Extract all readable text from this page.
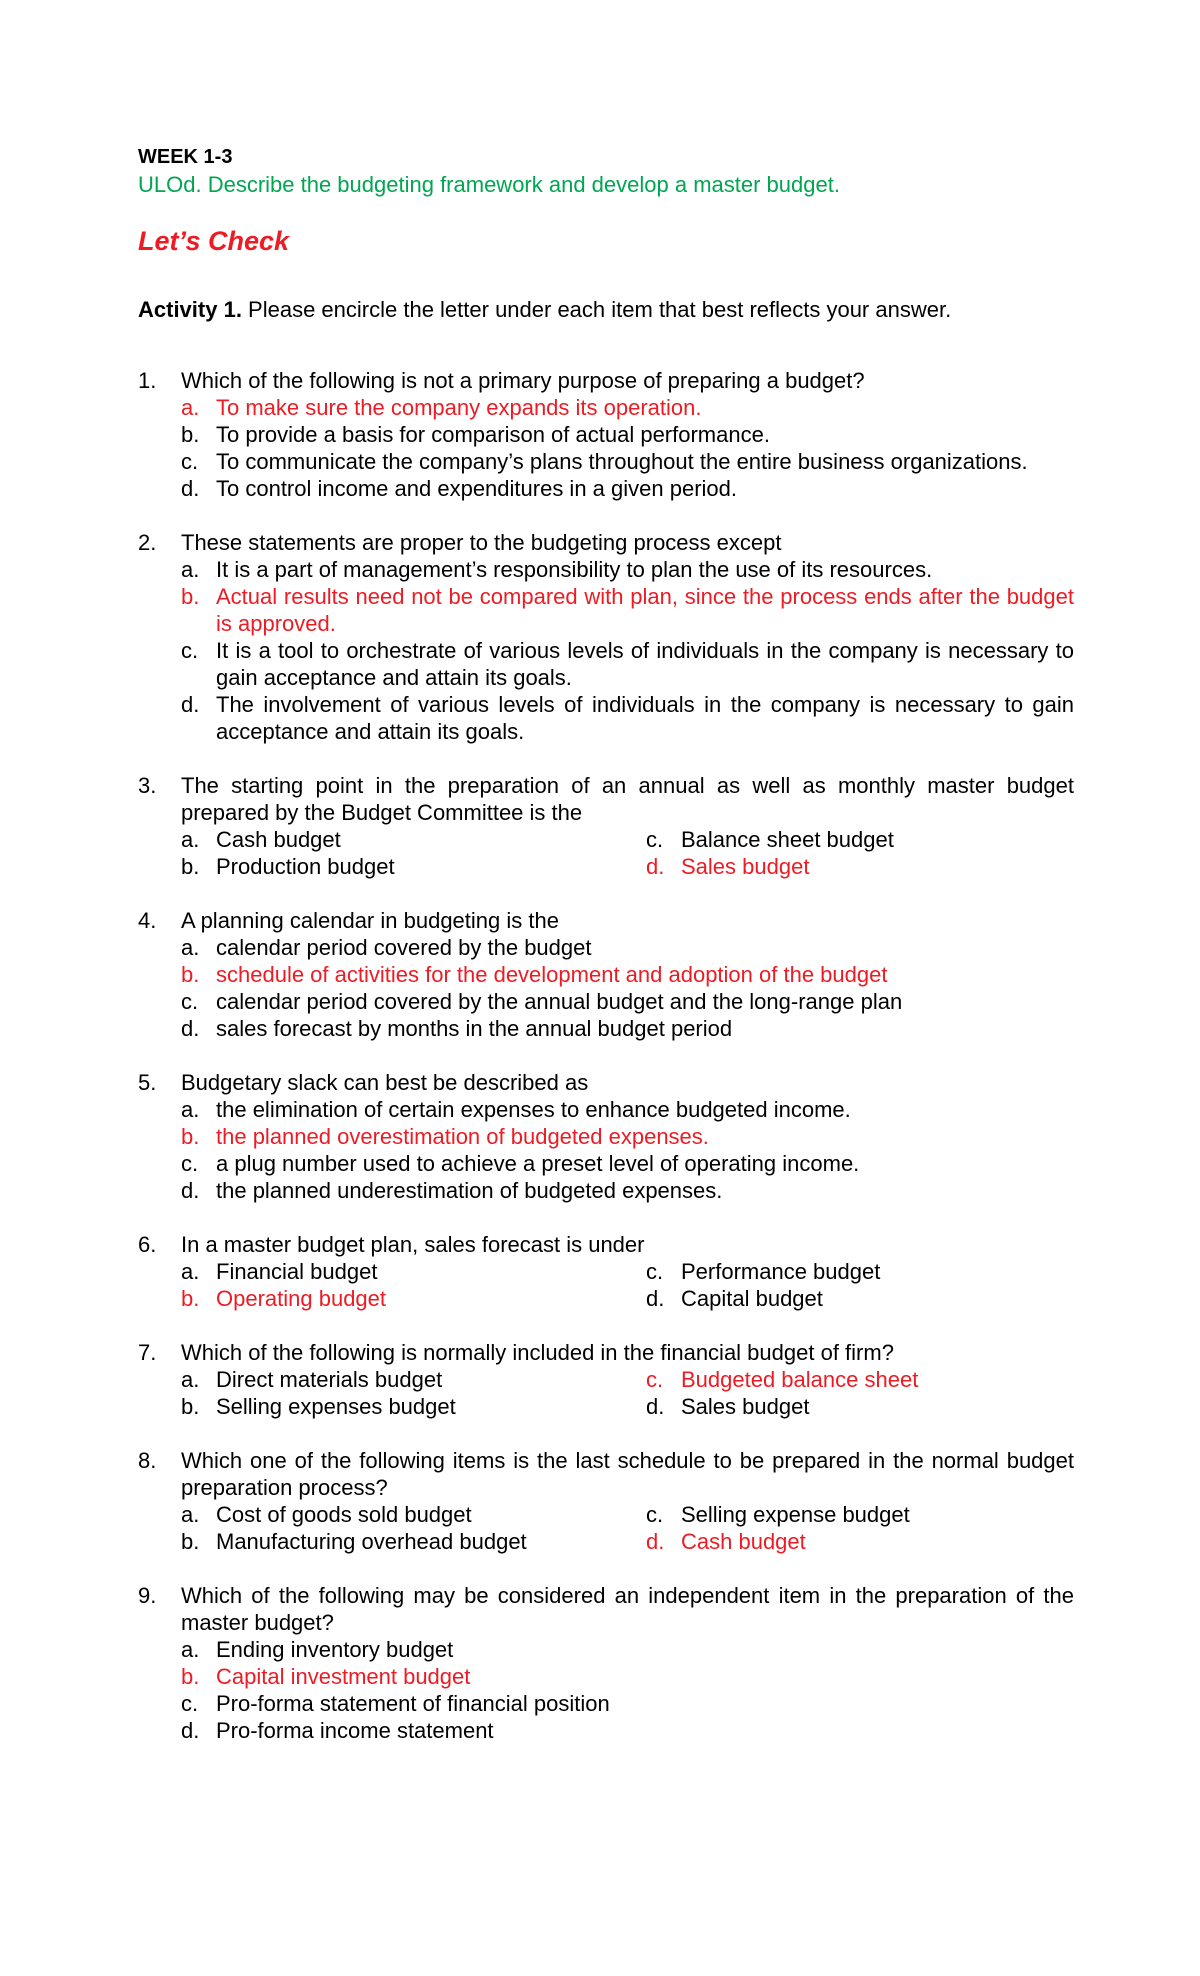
WEEK 1-3
ULOd. Describe the budgeting framework and develop a master budget.
Let’s Check
Activity 1. Please encircle the letter under each item that best reflects your answer.
1.	Which of the following is not a primary purpose of preparing a budget?
a. To make sure the company expands its operation.
b. To provide a basis for comparison of actual performance.
c. To communicate the company’s plans throughout the entire business organizations.
d. To control income and expenditures in a given period.
2.	These statements are proper to the budgeting process except
a. It is a part of management’s responsibility to plan the use of its resources.
b. Actual results need not be compared with plan, since the process ends after the budget is approved.
c. It is a tool to orchestrate of various levels of individuals in the company is necessary to gain acceptance and attain its goals.
d. The involvement of various levels of individuals in the company is necessary to gain acceptance and attain its goals.
3.	The starting point in the preparation of an annual as well as monthly master budget prepared by the Budget Committee is the
a. Cash budget	c. Balance sheet budget
b. Production budget	d. Sales budget
4.	A planning calendar in budgeting is the
a. calendar period covered by the budget
b. schedule of activities for the development and adoption of the budget
c. calendar period covered by the annual budget and the long-range plan
d. sales forecast by months in the annual budget period
5.	Budgetary slack can best be described as
a. the elimination of certain expenses to enhance budgeted income.
b. the planned overestimation of budgeted expenses.
c. a plug number used to achieve a preset level of operating income.
d. the planned underestimation of budgeted expenses.
6.	In a master budget plan, sales forecast is under
a. Financial budget	c. Performance budget
b. Operating budget	d. Capital budget
7.	Which of the following is normally included in the financial budget of firm?
a. Direct materials budget	c. Budgeted balance sheet
b. Selling expenses budget	d. Sales budget
8.	Which one of the following items is the last schedule to be prepared in the normal budget preparation process?
a. Cost of goods sold budget	c. Selling expense budget
b. Manufacturing overhead budget	d. Cash budget
9.	Which of the following may be considered an independent item in the preparation of the master budget?
a. Ending inventory budget
b. Capital investment budget
c. Pro-forma statement of financial position
d. Pro-forma income statement
